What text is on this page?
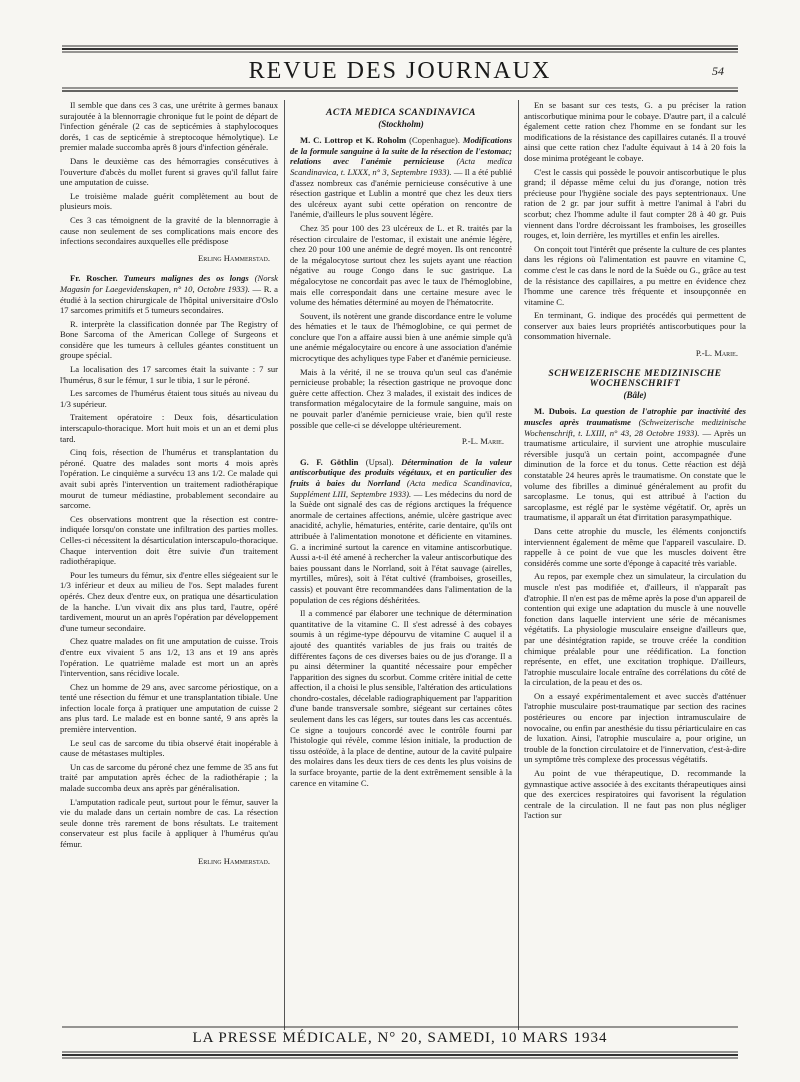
REVUE DES JOURNAUX	54

Il semble que dans ces 3 cas, une urétrite à germes banaux surajoutée à la blennorragie chronique fut le point de départ de l'infection générale (2 cas de septicémies à staphylocoques dorés, 1 cas de septicémie à streptocoque hémolytique). Le premier malade succomba après 8 jours d'infection générale.

Dans le deuxième cas des hémorragies consécutives à l'ouverture d'abcès du mollet furent si graves qu'il fallut faire une amputation de cuisse.

Le troisième malade guérit complètement au bout de plusieurs mois.

Ces 3 cas témoignent de la gravité de la blennorragie à cause non seulement de ses complications mais encore des infections secondaires auxquelles elle prédispose

Erling Hammerstad.

Fr. Roscher. Tumeurs malignes des os longs (Norsk Magasin for Laegevidenskapen, n° 10, Octobre 1933). — R. a étudié à la section chirurgicale de l'hôpital universitaire d'Oslo 17 sarcomes primitifs et 5 tumeurs secondaires.

R. interprète la classification donnée par The Registry of Bone Sarcoma of the American College of Surgeons et considère que les tumeurs à cellules géantes constituent un groupe spécial.

La localisation des 17 sarcomes était la suivante : 7 sur l'humérus, 8 sur le fémur, 1 sur le tibia, 1 sur le péroné.

Les sarcomes de l'humérus étaient tous situés au niveau du 1/3 supérieur.

Traitement opératoire : Deux fois, désarticulation interscapulo-thoracique. Mort huit mois et un an et demi plus tard.

Cinq fois, résection de l'humérus et transplantation du péroné. Quatre des malades sont morts 4 mois après l'opération. Le cinquième a survécu 13 ans 1/2. Ce malade qui avait subi après l'intervention un traitement radiothérapique mourut de tumeur médiastine, probablement secondaire au sarcome.

Ces observations montrent que la résection est contre-indiquée lorsqu'on constate une infiltration des parties molles. Celles-ci nécessitent la désarticulation interscapulo-thoracique. Chaque intervention doit être suivie d'un traitement radiothérapique.

Pour les tumeurs du fémur, six d'entre elles siégeaient sur le 1/3 inférieur et deux au milieu de l'os. Sept malades furent opérés. Chez deux d'entre eux, on pratiqua une désarticulation de la hanche. L'un vivait dix ans plus tard, l'autre, opéré tardivement, mourut un an après l'opération par développement d'une tumeur secondaire.

Chez quatre malades on fit une amputation de cuisse. Trois d'entre eux vivaient 5 ans 1/2, 13 ans et 19 ans après l'opération. Le quatrième malade est mort un an après l'intervention, sans récidive locale.

Chez un homme de 29 ans, avec sarcome périostique, on a tenté une résection du fémur et une transplantation tibiale. Une infection locale força à pratiquer une amputation de cuisse 2 ans plus tard. Le malade est en bonne santé, 9 ans après la première intervention.

Le seul cas de sarcome du tibia observé était inopérable à cause de métastases multiples.

Un cas de sarcome du péroné chez une femme de 35 ans fut traité par amputation après échec de la radiothérapie ; la malade succomba deux ans après par généralisation.

L'amputation radicale peut, surtout pour le fémur, sauver la vie du malade dans un certain nombre de cas. La résection seule donne très rarement de bons résultats. Le traitement conservateur est plus facile à appliquer à l'humérus qu'au fémur.

Erling Hammerstad.
ACTA MEDICA SCANDINAVICA
(Stockholm)

M. C. Lottrop et K. Roholm (Copenhague). Modifications de la formule sanguine à la suite de la résection de l'estomac; relations avec l'anémie pernicieuse (Acta medica Scandinavica, t. LXXX, n° 3, Septembre 1933). — Il a été publié d'assez nombreux cas d'anémie pernicieuse consécutive à une résection gastrique et Lublin a montré que chez les deux tiers des ulcéreux ayant subi cette opération on rencontre de l'anémie, d'ailleurs le plus souvent légère.

Chez 35 pour 100 des 23 ulcéreux de L. et R. traités par la résection circulaire de l'estomac, il existait une anémie légère, chez 20 pour 100 une anémie de degré moyen. Ils ont rencontré de la mégalocytose surtout chez les sujets ayant une réaction négative au rouge Congo dans le suc gastrique. La mégalocytose ne concordait pas avec le taux de l'hémoglobine, mais elle correspondait dans une certaine mesure avec le volume des hématies déterminé au moyen de l'hématocrite.

Souvent, ils notèrent une grande discordance entre le volume des hématies et le taux de l'hémoglobine, ce qui permet de conclure que l'on a affaire aussi bien à une anémie simple qu'à une anémie mégalocytaire ou encore à une association d'anémie microcytique des achyliques type Faber et d'anémie pernicieuse.

Mais à la vérité, il ne se trouva qu'un seul cas d'anémie pernicieuse probable; la résection gastrique ne provoque donc guère cette affection. Chez 3 malades, il existait des indices de transformation mégalocytaire de la formule sanguine, mais on ne pouvait parler d'anémie pernicieuse vraie, bien qu'il reste possible que celle-ci se développe ultérieurement.

P.-L. Marie.

G. F. Göthlin (Upsal). Détermination de la valeur antiscorbutique des produits végétaux, et en particulier des fruits à baies du Norrland (Acta medica Scandinavica, Supplément LIII, Septembre 1933). — Les médecins du nord de la Suède ont signalé des cas de régions arctiques la fréquence anormale de certaines affections, anémie, ulcère gastrique avec anacidité, achylie, hématuries, entérite, carie dentaire, qu'ils ont attribuée à l'alimentation monotone et déficiente en vitamines. G. a incriminé surtout la carence en vitamine antiscorbutique. Aussi a-t-il été amené à rechercher la valeur antiscorbutique des baies poussant dans le Norrland, soit à l'état sauvage (airelles, myrtilles, mûres), soit à l'état cultivé (framboises, groseilles, cassis) et pouvant être recommandées dans l'alimentation de la population de ces régions déshéritées.

Il a commencé par élaborer une technique de détermination quantitative de la vitamine C. Il s'est adressé à des cobayes soumis à un régime-type dépourvu de vitamine C auquel il a ajouté des quantités variables de jus frais ou traités de différentes façons de ces diverses baies ou de jus d'orange. Il a pu ainsi déterminer la quantité nécessaire pour empêcher l'apparition des signes du scorbut. Comme critère initial de cette affection, il a choisi le plus sensible, l'altération des articulations chondro-costales, décelable radiographiquement par l'apparition d'une bande transversale sombre, siégeant sur certaines côtes seulement dans les cas légers, sur toutes dans les cas accentués. Ce signe a toujours concordé avec le contrôle fourni par l'histologie qui révèle, comme lésion initiale, la production de tissu ostéoïde, à la place de dentine, autour de la cavité pulpaire des molaires dans les deux tiers de ces dents les plus voisins de la surface broyante, partie de la dent extrêmement sensible à la carence en vitamine C.

En se basant sur ces tests, G. a pu préciser la ration antiscorbutique minima pour le cobaye. D'autre part, il a calculé également cette ration chez l'homme en se fondant sur les modifications de la résistance des capillaires cutanés. Il a trouvé ainsi que cette ration chez l'adulte équivaut à 14 à 20 fois la dose minima protégeant le cobaye.

C'est le cassis qui possède le pouvoir antiscorbutique le plus grand; il dépasse même celui du jus d'orange, notion très précieuse pour l'hygiène sociale des pays septentrionaux. Une ration de 2 gr. par jour suffit à mettre l'animal à l'abri du scorbut; chez l'homme adulte il faut compter 28 à 40 gr. Puis viennent dans l'ordre décroissant les framboises, les groseilles rouges, et, loin derrière, les myrtilles et enfin les airelles.

On conçoit tout l'intérêt que présente la culture de ces plantes dans les régions où l'alimentation est pauvre en vitamine C, comme c'est le cas dans le nord de la Suède ou G., grâce au test de la résistance des capillaires, a pu mettre en évidence chez l'homme une carence très fréquente et insoupçonnée en vitamine C.

En terminant, G. indique des procédés qui permettent de conserver aux baies leurs propriétés antiscorbutiques pour la consommation hivernale.

P.-L. Marie.
SCHWEIZERISCHE MEDIZINISCHE WOCHENSCHRIFT
(Bâle)

M. Dubois. La question de l'atrophie par inactivité des muscles après traumatisme (Schweizerische medizinische Wochenschrift, t. LXIII, n° 43, 28 Octobre 1933). — Après un traumatisme articulaire, il survient une atrophie musculaire réversible jusqu'à un certain point, accompagnée d'une diminution de la force et du tonus. Cette réaction est déjà constatable 24 heures après le traumatisme. On constate que le volume des fibrilles a diminué généralement au profit du sarcoplasme. Le tonus, qui est attribué à l'action du sarcoplasme, est réglé par le système végétatif. Or, après un traumatisme, il apparaît un état d'irritation parasympathique.

Dans cette atrophie du muscle, les éléments conjonctifs interviennent également de même que l'appareil vasculaire. D. rappelle à ce point de vue que les muscles doivent être considérés comme une sorte d'éponge à capacité très variable.

Au repos, par exemple chez un simulateur, la circulation du muscle n'est pas modifiée et, d'ailleurs, il n'apparaît pas d'atrophie. Il n'en est pas de même après la pose d'un appareil de contention qui exige une adaptation du muscle à une nouvelle fonction dans laquelle intervient une série de mécanismes végétatifs. La physiologie musculaire enseigne d'ailleurs que, par une désintégration rapide, se trouve créée la condition chimique préalable pour une réédification. La fonction représente, en effet, une excitation trophique. D'ailleurs, l'atrophie musculaire locale entraîne des corrélations du côté de la circulation, de la peau et des os.

On a essayé expérimentalement et avec succès d'atténuer l'atrophie musculaire post-traumatique par section des racines postérieures ou encore par injection intramusculaire de novocaïne, ou enfin par anesthésie du tissu périarticulaire en cas de luxation. Ainsi, l'atrophie musculaire a, pour origine, un trouble de la fonction circulatoire et de l'innervation, c'est-à-dire un symptôme très complexe des processus végétatifs.

Au point de vue thérapeutique, D. recommande la gymnastique active associée à des excitants thérapeutiques ainsi que des exercices respiratoires qui favorisent la régulation centrale de la circulation. Il ne faut pas non plus négliger l'action sur

LA PRESSE MÉDICALE, N° 20, SAMEDI, 10 MARS 1934
